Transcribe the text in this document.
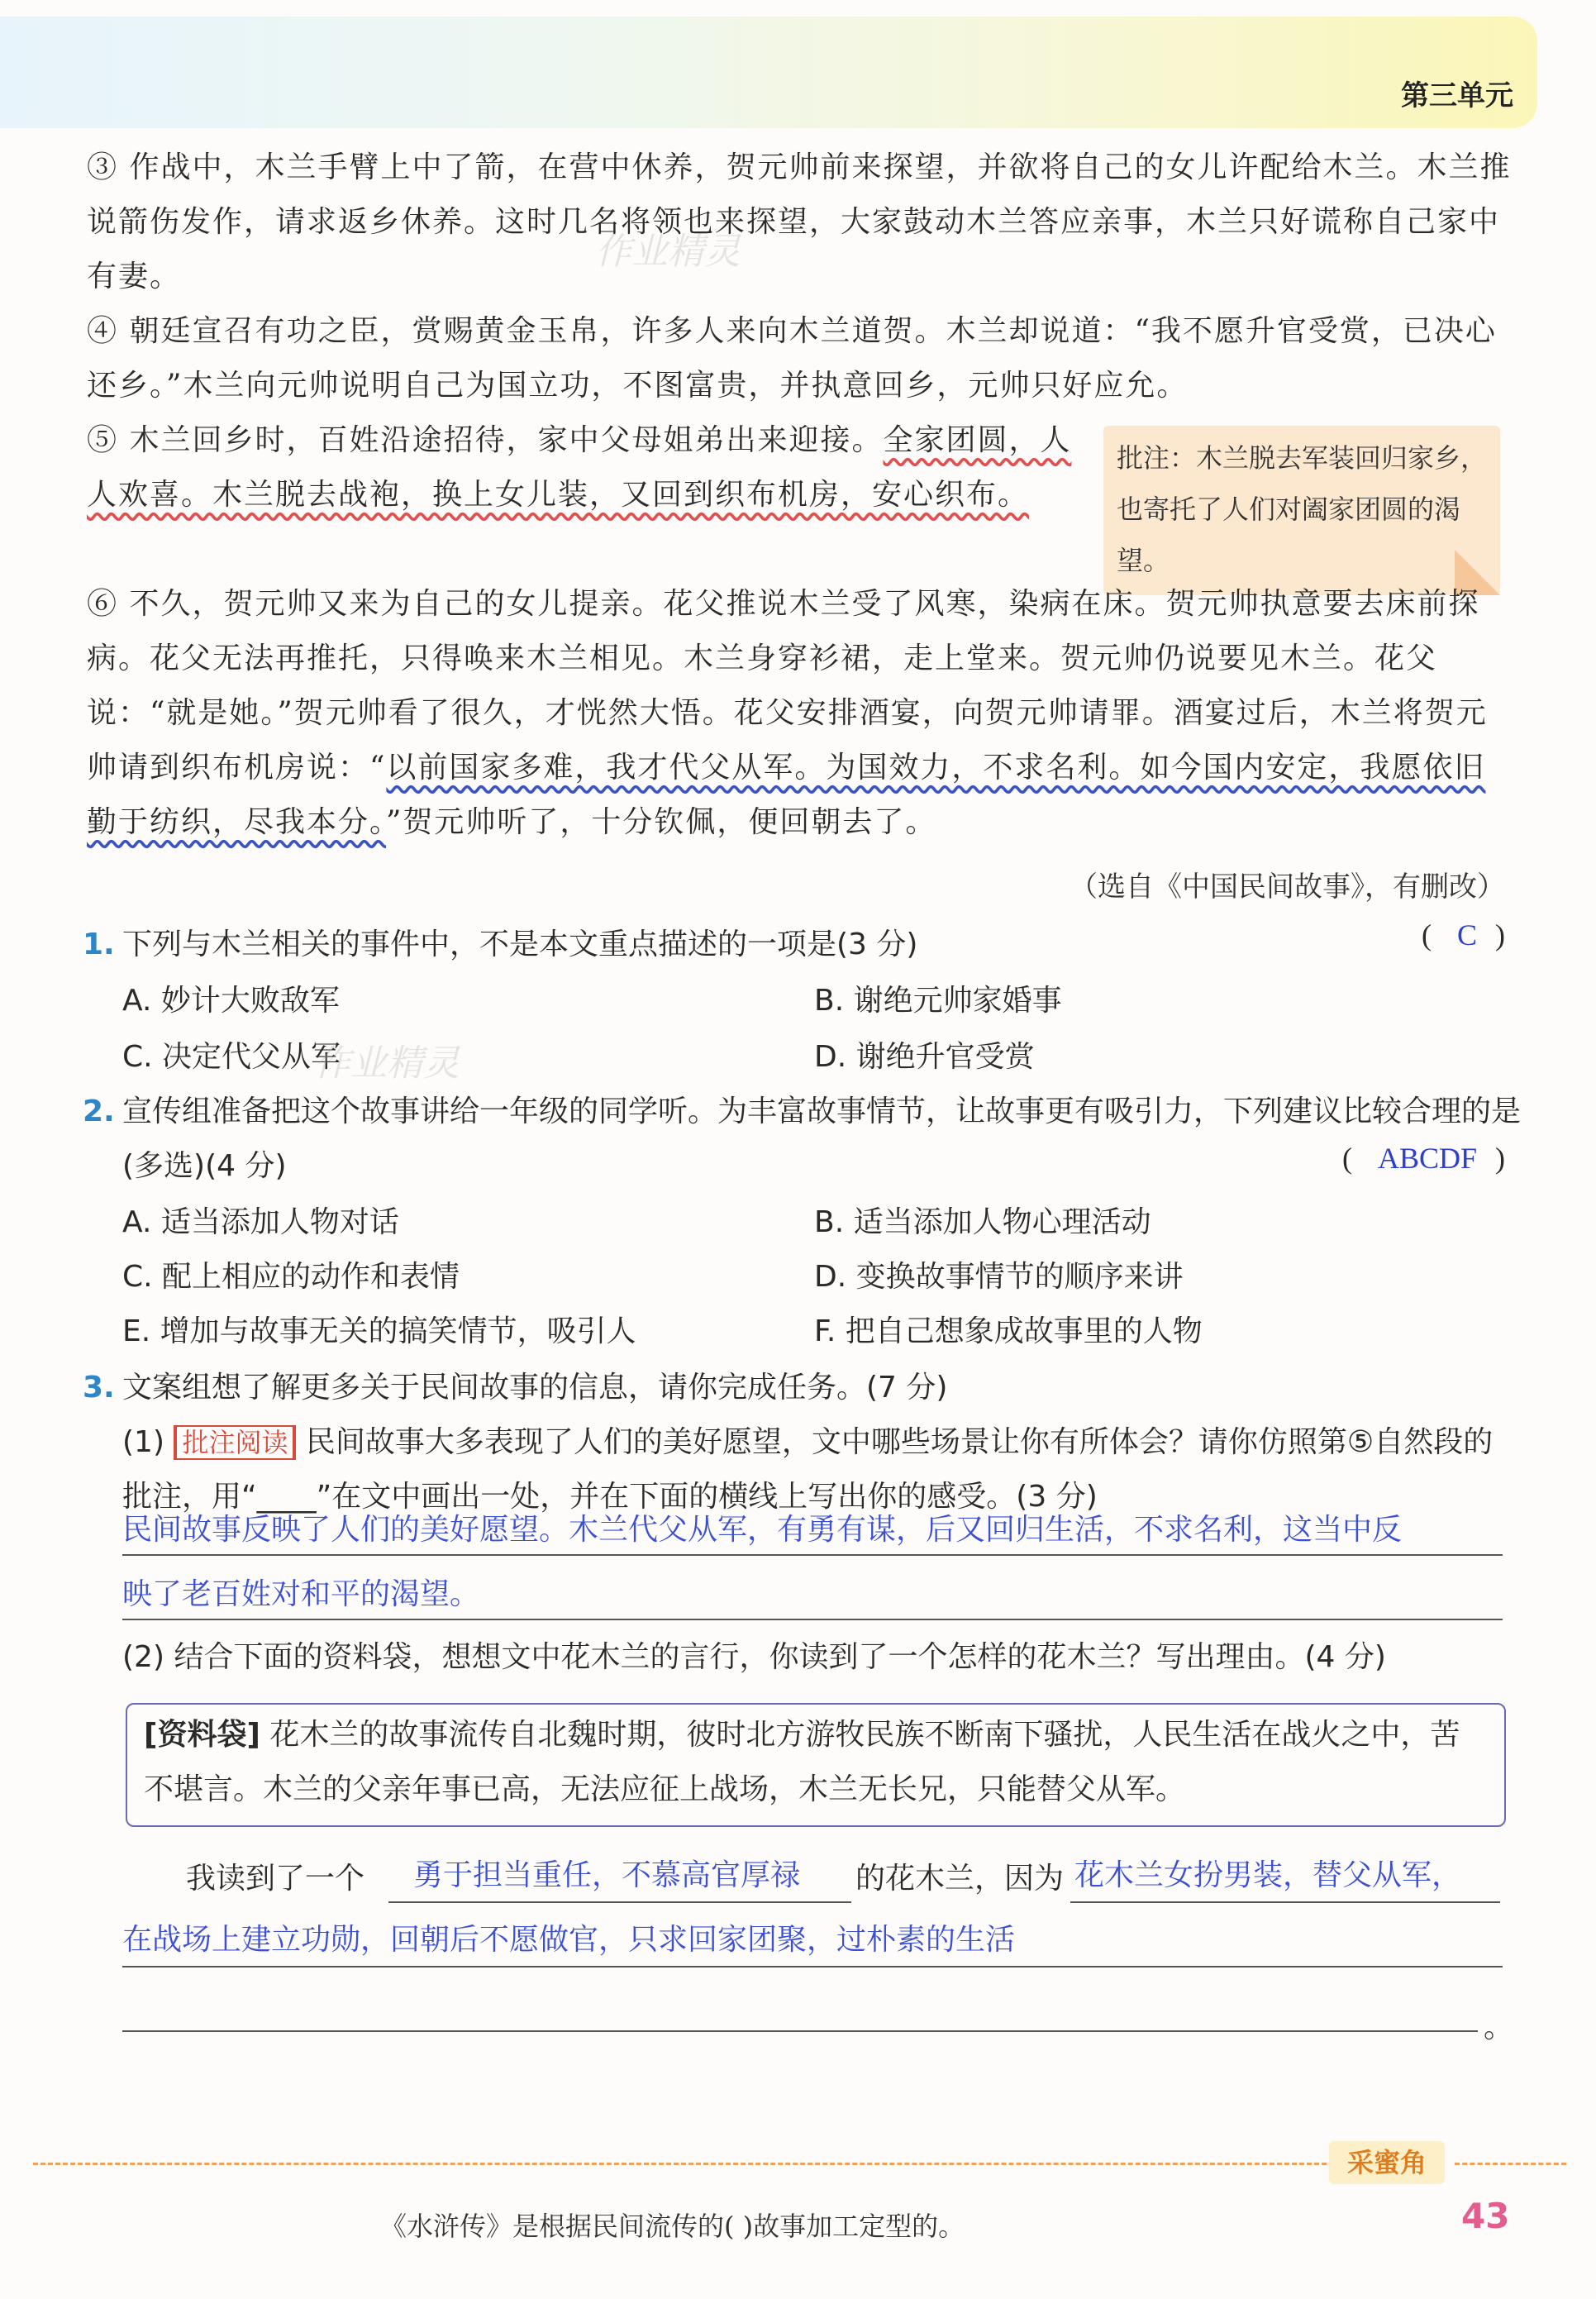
第三单元
③ 作战中，木兰手臂上中了箭，在营中休养，贺元帅前来探望，并欲将自己的女儿许配给木兰。木兰推说箭伤发作，请求返乡休养。这时几名将领也来探望，大家鼓动木兰答应亲事，木兰只好谎称自己家中有妻。
④ 朝廷宣召有功之臣，赏赐黄金玉帛，许多人来向木兰道贺。木兰却说道：“我不愿升官受赏，已决心还乡。”木兰向元帅说明自己为国立功，不图富贵，并执意回乡，元帅只好应允。
⑤ 木兰回乡时，百姓沿途招待，家中父母姐弟出来迎接。全家团圆，人人欢喜。木兰脱去战袍，换上女儿装，又回到织布机房，安心织布。
批注：木兰脱去军装回归家乡，也寄托了人们对阖家团圆的渴望。
⑥ 不久，贺元帅又来为自己的女儿提亲。花父推说木兰受了风寒，染病在床。贺元帅执意要去床前探病。花父无法再推托，只得唤来木兰相见。木兰身穿衫裙，走上堂来。贺元帅仍说要见木兰。花父说：“就是她。”贺元帅看了很久，才恍然大悟。花父安排酒宴，向贺元帅请罪。酒宴过后，木兰将贺元帅请到织布机房说：“以前国家多难，我才代父从军。为国效力，不求名利。如今国内安定，我愿依旧勤于纺织，尽我本分。”贺元帅听了，十分钦佩，便回朝去了。
（选自《中国民间故事》，有删改）
1. 下列与木兰相关的事件中，不是本文重点描述的一项是(3 分)	( C )
A. 妙计大败敌军	B. 谢绝元帅家婚事
C. 决定代父从军	D. 谢绝升官受赏
2. 宣传组准备把这个故事讲给一年级的同学听。为丰富故事情节，让故事更有吸引力，下列建议比较合理的是(多选)(4 分)	( ABCDF )
A. 适当添加人物对话	B. 适当添加人物心理活动
C. 配上相应的动作和表情	D. 变换故事情节的顺序来讲
E. 增加与故事无关的搞笑情节，吸引人	F. 把自己想象成故事里的人物
3. 文案组想了解更多关于民间故事的信息，请你完成任务。(7 分)
(1) 批注阅读 民间故事大多表现了人们的美好愿望，文中哪些场景让你有所体会？请你仿照第⑤自然段的批注，用“____”在文中画出一处，并在下面的横线上写出你的感受。(3 分)
民间故事反映了人们的美好愿望。木兰代父从军，有勇有谋，后又回归生活，不求名利，这当中反
映了老百姓对和平的渴望。
(2) 结合下面的资料袋，想想文中花木兰的言行，你读到了一个怎样的花木兰？写出理由。(4 分)
[资料袋] 花木兰的故事流传自北魏时期，彼时北方游牧民族不断南下骚扰，人民生活在战火之中，苦不堪言。木兰的父亲年事已高，无法应征上战场，木兰无长兄，只能替父从军。
我读到了一个 勇于担当重任，不慕高官厚禄 的花木兰，因为 花木兰女扮男装，替父从军，
在战场上建立功勋，回朝后不愿做官，只求回家团聚，过朴素的生活
。
作业精灵
作业精灵
采蜜角
《水浒传》是根据民间流传的( )故事加工定型的。	43
